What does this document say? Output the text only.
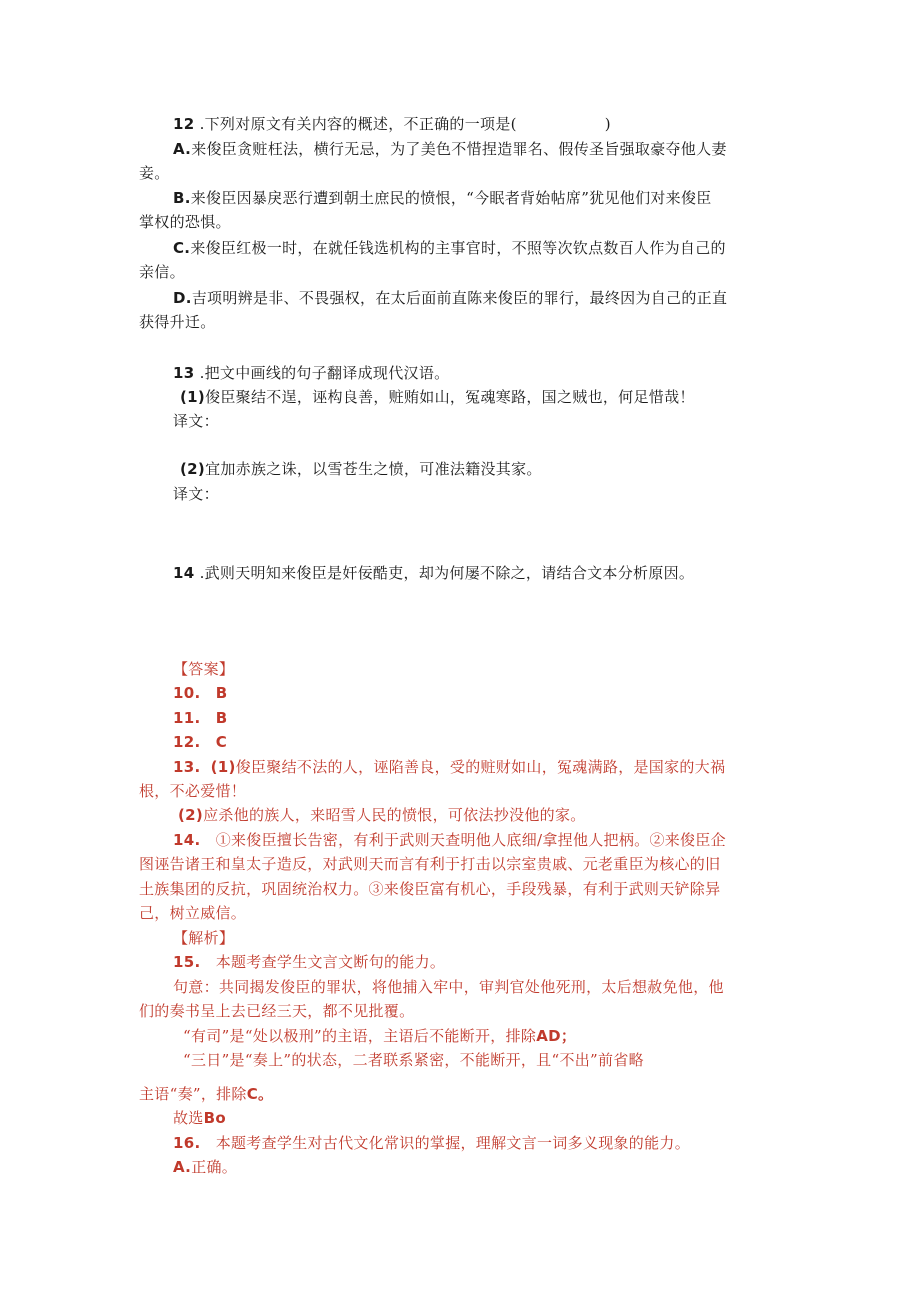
12 .下列对原文有关内容的概述，不正确的一项是(	)
A.来俊臣贪赃枉法，横行无忌，为了美色不惜捏造罪名、假传圣旨强取豪夺他人妻
妾。
B.来俊臣因暴戾恶行遭到朝土庶民的愤恨，“今眠者背始帖席”犹见他们对来俊臣
掌权的恐惧。
C.来俊臣红极一时，在就任钱选机构的主事官时，不照等次钦点数百人作为自己的
亲信。
D.吉项明辨是非、不畏强权，在太后面前直陈来俊臣的罪行，最终因为自己的正直
获得升迁。
13 .把文中画线的句子翻译成现代汉语。
(1)俊臣聚结不逞，诬构良善，赃贿如山，冤魂寒路，国之贼也，何足惜哉！
译文：
(2)宜加赤族之诛，以雪苍生之愤，可准法籍没其家。
译文：
14 .武则天明知来俊臣是奸佞酷吏，却为何屡不除之，请结合文本分析原因。
【答案】
10. B
11. B
12. C
13. (1)俊臣聚结不法的人，诬陷善良，受的赃财如山，冤魂满路，是国家的大祸
根，不必爱惜！
(2)应杀他的族人，来昭雪人民的愤恨，可依法抄没他的家。
14. ①来俊臣擅长告密，有利于武则天查明他人底细/拿捏他人把柄。②来俊臣企
图诬告诸王和皇太子造反，对武则天而言有利于打击以宗室贵戚、元老重臣为核心的旧
土族集团的反抗，巩固统治权力。③来俊臣富有机心，手段残暴，有利于武则天铲除异
己，树立威信。
【解析】
15. 本题考查学生文言文断句的能力。
句意：共同揭发俊臣的罪状，将他捕入牢中，审判官处他死刑，太后想赦免他，他
们的奏书呈上去已经三天，都不见批覆。
“有司”是“处以极刑”的主语，主语后不能断开，排除AD；
“三日”是“奏上”的状态，二者联系紧密，不能断开，且“不出”前省略
主语“奏”，排除C。
故选Bo
16. 本题考查学生对古代文化常识的掌握，理解文言一词多义现象的能力。
A.正确。
